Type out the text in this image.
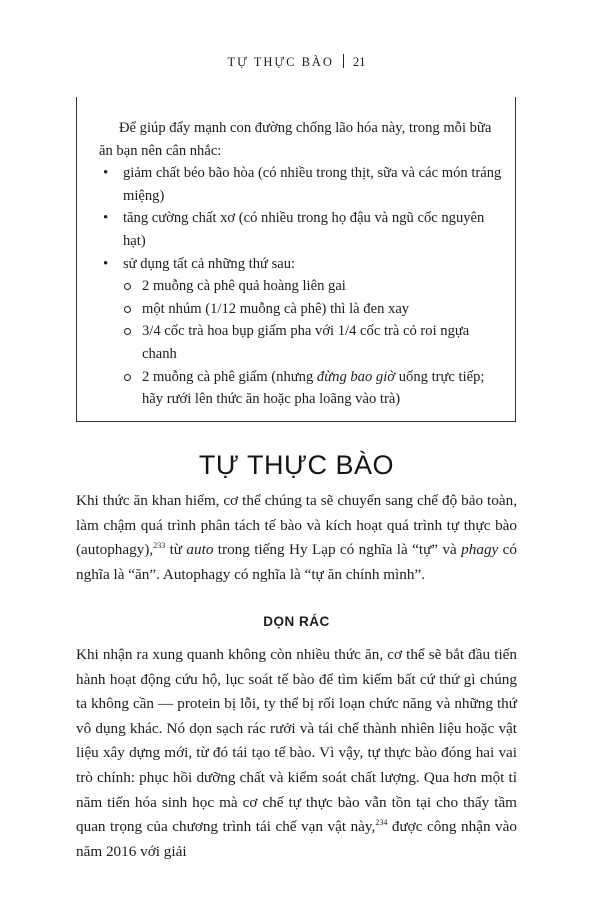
TỰ THỰC BÀO 21

Để giúp đẩy mạnh con đường chống lão hóa này, trong mỗi bữa ăn bạn nên cân nhắc:

• giảm chất béo bão hòa (có nhiều trong thịt, sữa và các món tráng miệng)
• tăng cường chất xơ (có nhiều trong họ đậu và ngũ cốc nguyên hạt)
• sử dụng tất cả những thứ sau:
2 muỗng cà phê quả hoàng liên gai
một nhúm (1/12 muỗng cà phê) thì là đen xay
3/4 cốc trà hoa bụp giấm pha với 1/4 cốc trà cỏ roi ngựa chanh
2 muỗng cà phê giấm (nhưng đừng bao giờ uống trực tiếp; hãy rưới lên thức ăn hoặc pha loãng vào trà)
TỰ THỰC BÀO

Khi thức ăn khan hiếm, cơ thể chúng ta sẽ chuyển sang chế độ bảo toàn, làm chậm quá trình phân tách tế bào và kích hoạt quá trình tự thực bào (autophagy),$^{233}$ từ auto trong tiếng Hy Lạp có nghĩa là “tự” và phagy có nghĩa là “ăn”. Autophagy có nghĩa là “tự ăn chính mình”.

DỌN RÁC

Khi nhận ra xung quanh không còn nhiều thức ăn, cơ thể sẽ bắt đầu tiến hành hoạt động cứu hộ, lục soát tế bào để tìm kiếm bất cứ thứ gì chúng ta không cần — protein bị lỗi, ty thể bị rối loạn chức năng và những thứ vô dụng khác. Nó dọn sạch rác rưởi và tái chế thành nhiên liệu hoặc vật liệu xây dựng mới, từ đó tái tạo tế bào. Vì vậy, tự thực bào đóng hai vai trò chính: phục hồi dưỡng chất và kiểm soát chất lượng. Qua hơn một tỉ năm tiến hóa sinh học mà cơ chế tự thực bào vẫn tồn tại cho thấy tầm quan trọng của chương trình tái chế vạn vật này,$^{234}$ được công nhận vào năm 2016 với giải
